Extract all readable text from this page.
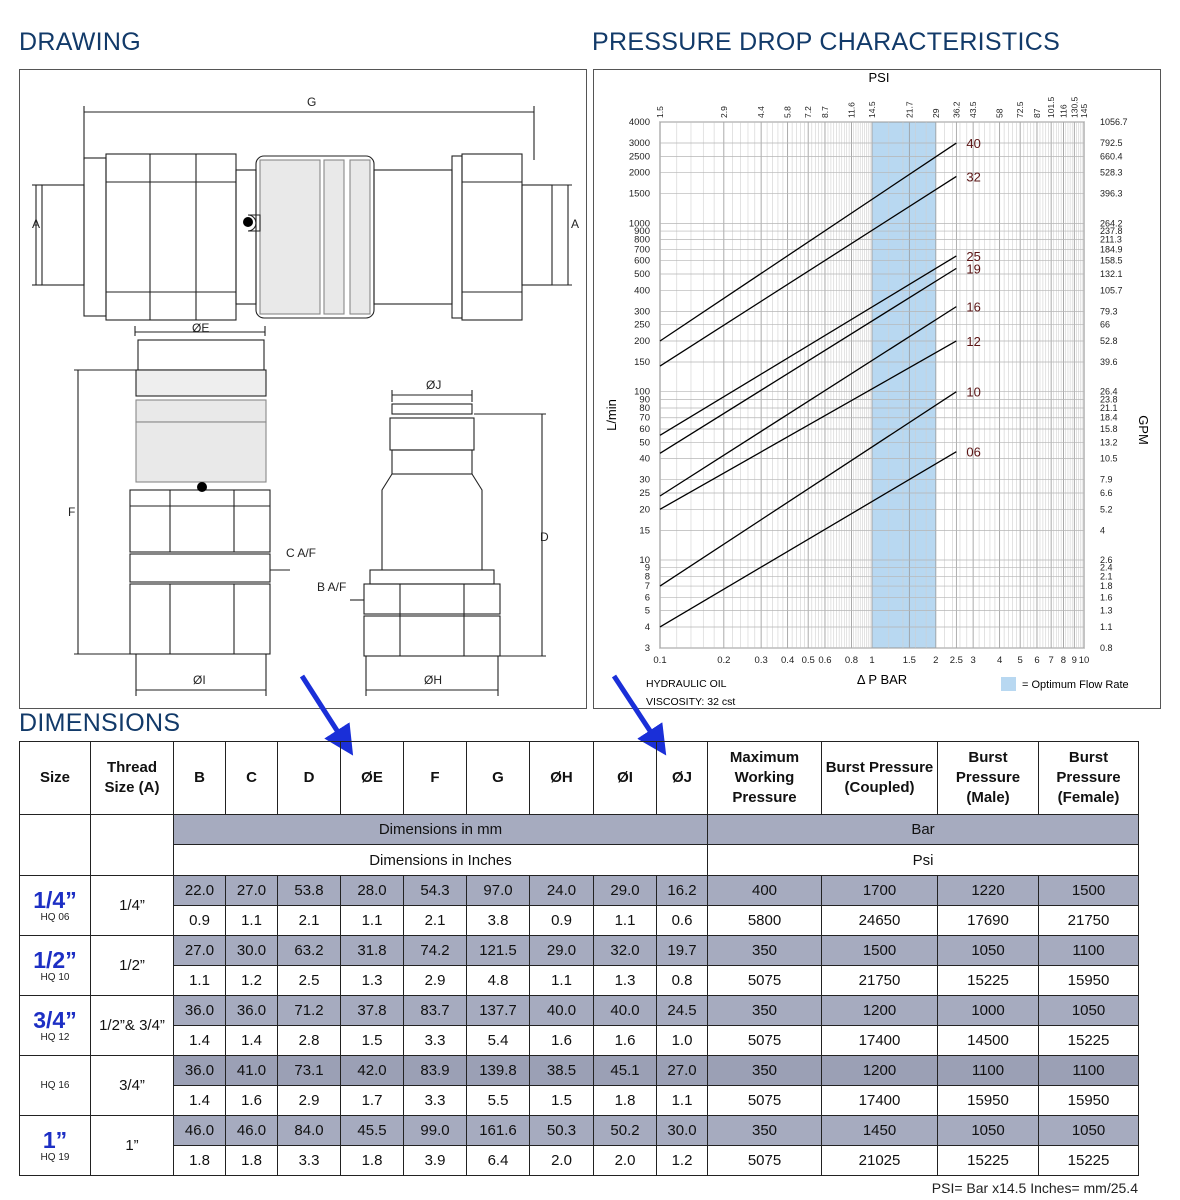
DRAWING
G
A	A
ØE
F
C A/F
B A/F
ØI
ØJ
D
ØH
PRESSURE DROP CHARACTERISTICS
40
32
25
19
16
12
10
06
4000
3000
2500
2000
1500
1000
900
800
700
600
500
400
300
250
200
150
100
90
80
70
60
50
40
30
25
20
15
10
9
8
7
6
5
4
3
1056.7
792.5
660.4
528.3
396.3
264.2
237.8
211.3
184.9
158.5
132.1
105.7
79.3
66
52.8
39.6
26.4
23.8
21.1
18.4
15.8
13.2
10.5
7.9
6.6
5.2
4
2.6
2.4
2.1
1.8
1.6
1.3
1.1
0.8
0.1	0.2	0.3 0.4 0.5 0.6 0.8 1	1.5 2 2.5 3 4 5 6 7 8 9 10
1.5	2.9	4.4 5.8 7.2 8.7 11.6 14.5	21.7 29 36.2 43.5 58 72.5 87 101.5 116 130.5 145
PSI
L/min	GPM
Δ P BAR
HYDRAULIC OIL
VISCOSITY: 32 cst
= Optimum Flow Rate
DIMENSIONS
Size	Thread Size (A)	B	C	D	ØE	F	G	ØH	ØI	ØJ	Maximum Working Pressure	Burst Pressure (Coupled)	Burst Pressure (Male)	Burst Pressure (Female)
		Dimensions in mm									Bar			
		Dimensions in Inches									Psi			

1/4”
HQ 06	1/4”	22.0	27.0	53.8	28.0	54.3	97.0	24.0	29.0	16.2	400	1700	1220	1500
		0.9	1.1	2.1	1.1	2.1	3.8	0.9	1.1	0.6	5800	24650	17690	21750

1/2”
HQ 10	1/2”	27.0	30.0	63.2	31.8	74.2	121.5	29.0	32.0	19.7	350	1500	1050	1100
		1.1	1.2	2.5	1.3	2.9	4.8	1.1	1.3	0.8	5075	21750	15225	15950

3/4”
HQ 12	1/2”& 3/4”	36.0	36.0	71.2	37.8	83.7	137.7	40.0	40.0	24.5	350	1200	1000	1050
		1.4	1.4	2.8	1.5	3.3	5.4	1.6	1.6	1.0	5075	17400	14500	15225

HQ 16	3/4”	36.0	41.0	73.1	42.0	83.9	139.8	38.5	45.1	27.0	350	1200	1100	1100
		1.4	1.6	2.9	1.7	3.3	5.5	1.5	1.8	1.1	5075	17400	15950	15950

1”
HQ 19	1”	46.0	46.0	84.0	45.5	99.0	161.6	50.3	50.2	30.0	350	1450	1050	1050
		1.8	1.8	3.3	1.8	3.9	6.4	2.0	2.0	1.2	5075	21025	15225	15225
PSI= Bar x14.5 Inches= mm/25.4
